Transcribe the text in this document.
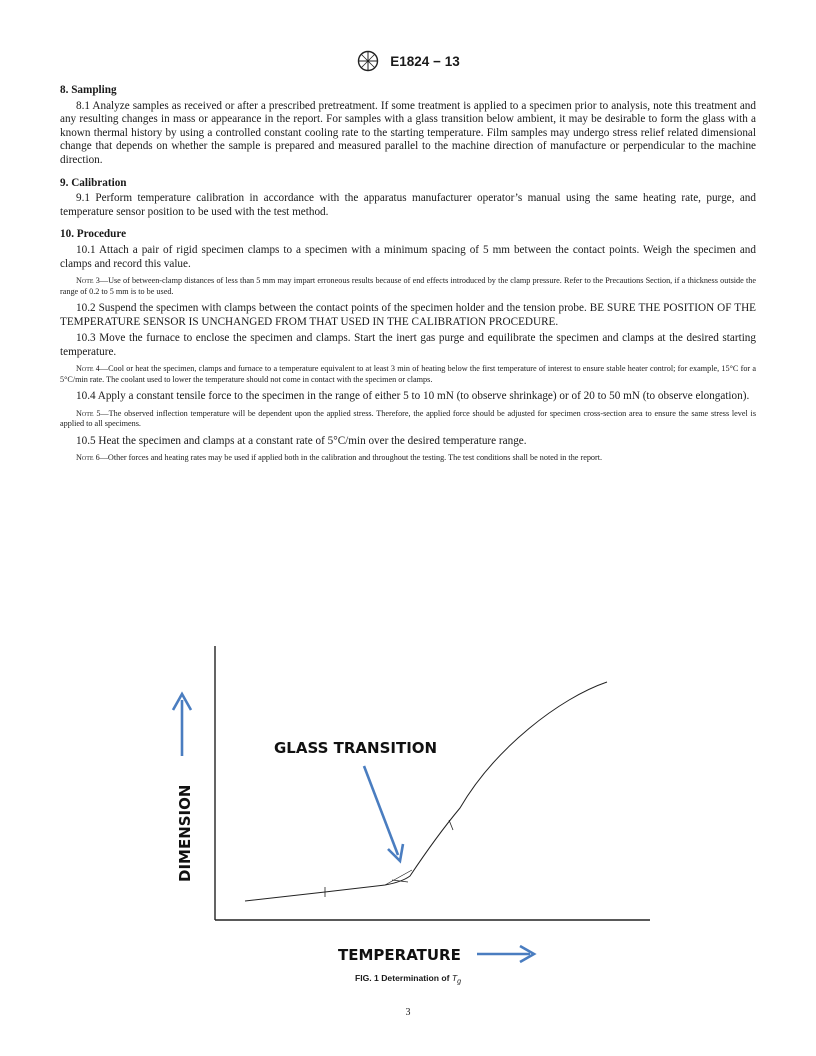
E1824 − 13
8. Sampling

8.1 Analyze samples as received or after a prescribed pretreatment. If some treatment is applied to a specimen prior to analysis, note this treatment and any resulting changes in mass or appearance in the report. For samples with a glass transition below ambient, it may be desirable to form the glass with a known thermal history by using a controlled constant cooling rate to the starting temperature. Film samples may undergo stress relief related dimensional change that depends on whether the sample is prepared and measured parallel to the machine direction of manufacture or perpendicular to the machine direction.

9. Calibration

9.1 Perform temperature calibration in accordance with the apparatus manufacturer operator’s manual using the same heating rate, purge, and temperature sensor position to be used with the test method.

10. Procedure

10.1 Attach a pair of rigid specimen clamps to a specimen with a minimum spacing of 5 mm between the contact points. Weigh the specimen and clamps and record this value.

Note 3—Use of between-clamp distances of less than 5 mm may impart erroneous results because of end effects introduced by the clamp pressure. Refer to the Precautions Section, if a thickness outside the range of 0.2 to 5 mm is to be used.

10.2 Suspend the specimen with clamps between the contact points of the specimen holder and the tension probe. BE SURE THE POSITION OF THE TEMPERATURE SENSOR IS UNCHANGED FROM THAT USED IN THE CALIBRATION PROCEDURE.

10.3 Move the furnace to enclose the specimen and clamps. Start the inert gas purge and equilibrate the specimen and clamps at the desired starting temperature.

Note 4—Cool or heat the specimen, clamps and furnace to a temperature equivalent to at least 3 min of heating below the first temperature of interest to ensure stable heater control; for example, 15°C for a 5°C/min rate. The coolant used to lower the temperature should not come in contact with the specimen or clamps.

10.4 Apply a constant tensile force to the specimen in the range of either 5 to 10 mN (to observe shrinkage) or of 20 to 50 mN (to observe elongation).

Note 5—The observed inflection temperature will be dependent upon the applied stress. Therefore, the applied force should be adjusted for specimen cross-section area to ensure the same stress level is applied to all specimens.

10.5 Heat the specimen and clamps at a constant rate of 5°C/min over the desired temperature range.

Note 6—Other forces and heating rates may be used if applied both in the calibration and throughout the testing. The test conditions shall be noted in the report.

GLASS TRANSITION
DIMENSION
TEMPERATURE
FIG. 1 Determination of $T_g$
3
